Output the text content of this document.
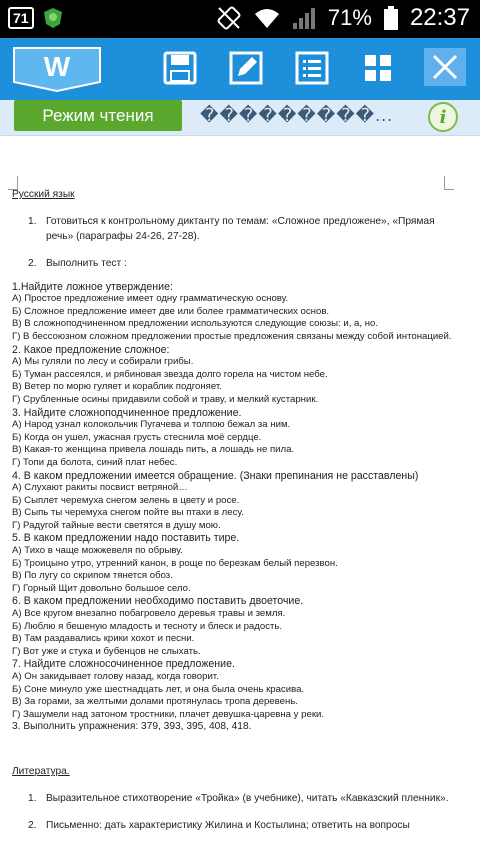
71	71% 22:37
W
Режим чтения	���������...	i
Русский язык
1. Готовиться к контрольному диктанту по темам: «Сложное предложене», «Прямая речь» (параграфы 24-26, 27-28).
2. Выполнить тест :
1.Найдите ложное утверждение:
А) Простое предложение имеет одну грамматическую основу.
Б) Сложное предложение имеет две или более грамматических основ.
В) В сложноподчиненном предложении используются следующие союзы: и, а, но.
Г) В бессоюзном сложном предложении простые предложения связаны между собой интонацией.
2. Какое предложение сложное:
А) Мы гуляли по лесу и собирали грибы.
Б) Туман рассеялся, и рябиновая звезда долго горела на чистом небе.
В) Ветер по морю гуляет и кораблик подгоняет.
Г) Срубленные осины придавили собой и траву, и мелкий кустарник.
3. Найдите сложноподчиненное предложение.
А) Народ узнал колокольчик Пугачева и толпою бежал за ним.
Б) Когда он ушел, ужасная грусть стеснила моё сердце.
В) Какая-то женщина привела лошадь пить, а лошадь не пила.
Г) Топи да болота, синий плат небес.
4. В каком предложении имеется обращение. (Знаки препинания не расставлены)
А) Слухают ракиты посвист ветряной…
Б) Сыплет черемуха снегом зелень в цвету и росе.
В) Сыпь ты черемуха снегом пойте вы птахи в лесу.
Г) Радугой тайные вести светятся в душу мою.
5. В каком предложении надо поставить тире.
А) Тихо в чаще можжевеля по обрыву.
Б) Троицыно утро, утренний канон, в роще по березкам белый перезвон.
В) По лугу со скрипом тянется обоз.
Г) Горный Щит довольно большое село.
6. В каком предложении необходимо поставить двоеточие.
А) Все кругом внезапно побагровело деревья травы и земля.
Б) Люблю я бешеную младость и тесноту и блеск и радость.
В) Там раздавались крики хохот и песни.
Г) Вот уже и стука и бубенцов не слыхать.
7. Найдите сложносочиненное предложение.
А) Он закидывает голову назад, когда говорит.
Б) Соне минуло уже шестнадцать лет, и она была очень красива.
В) За горами, за желтыми долами протянулась тропа деревень.
Г) Зашумели над затоном тростники, плачет девушка-царевна у реки.
3. Выполнить упражнения: 379, 393, 395, 408, 418.
Литература.
1. Выразительное стихотворение «Тройка» (в учебнике), читать «Кавказский пленник».
2. Письменно: дать характеристику Жилина и Костылина; ответить на вопросы
